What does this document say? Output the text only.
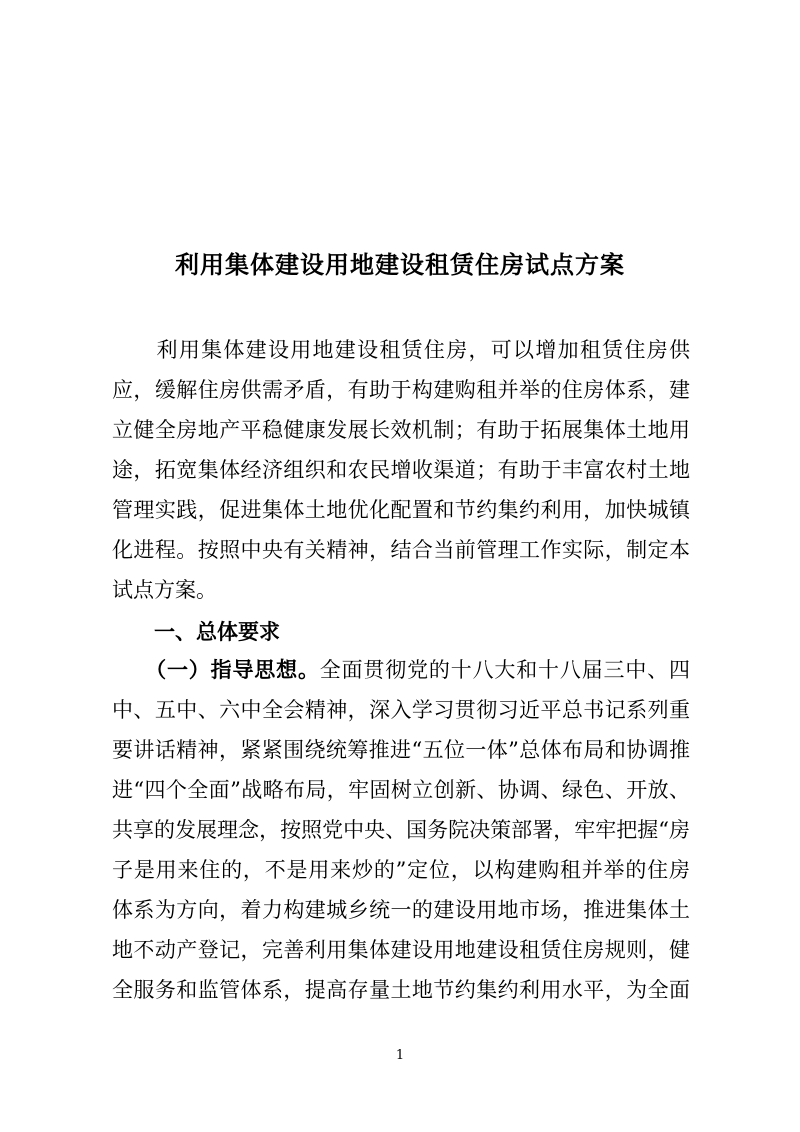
利用集体建设用地建设租赁住房试点方案
　　利用集体建设用地建设租赁住房，可以增加租赁住房供
应，缓解住房供需矛盾，有助于构建购租并举的住房体系，建
立健全房地产平稳健康发展长效机制；有助于拓展集体土地用
途，拓宽集体经济组织和农民增收渠道；有助于丰富农村土地
管理实践，促进集体土地优化配置和节约集约利用，加快城镇
化进程。按照中央有关精神，结合当前管理工作实际，制定本
试点方案。
　　一、总体要求
　　（一）指导思想。全面贯彻党的十八大和十八届三中、四
中、五中、六中全会精神，深入学习贯彻习近平总书记系列重
要讲话精神，紧紧围绕统筹推进“五位一体”总体布局和协调推
进“四个全面”战略布局，牢固树立创新、协调、绿色、开放、
共享的发展理念，按照党中央、国务院决策部署，牢牢把握“房
子是用来住的，不是用来炒的”定位，以构建购租并举的住房
体系为方向，着力构建城乡统一的建设用地市场，推进集体土
地不动产登记，完善利用集体建设用地建设租赁住房规则，健
全服务和监管体系，提高存量土地节约集约利用水平，为全面
1
